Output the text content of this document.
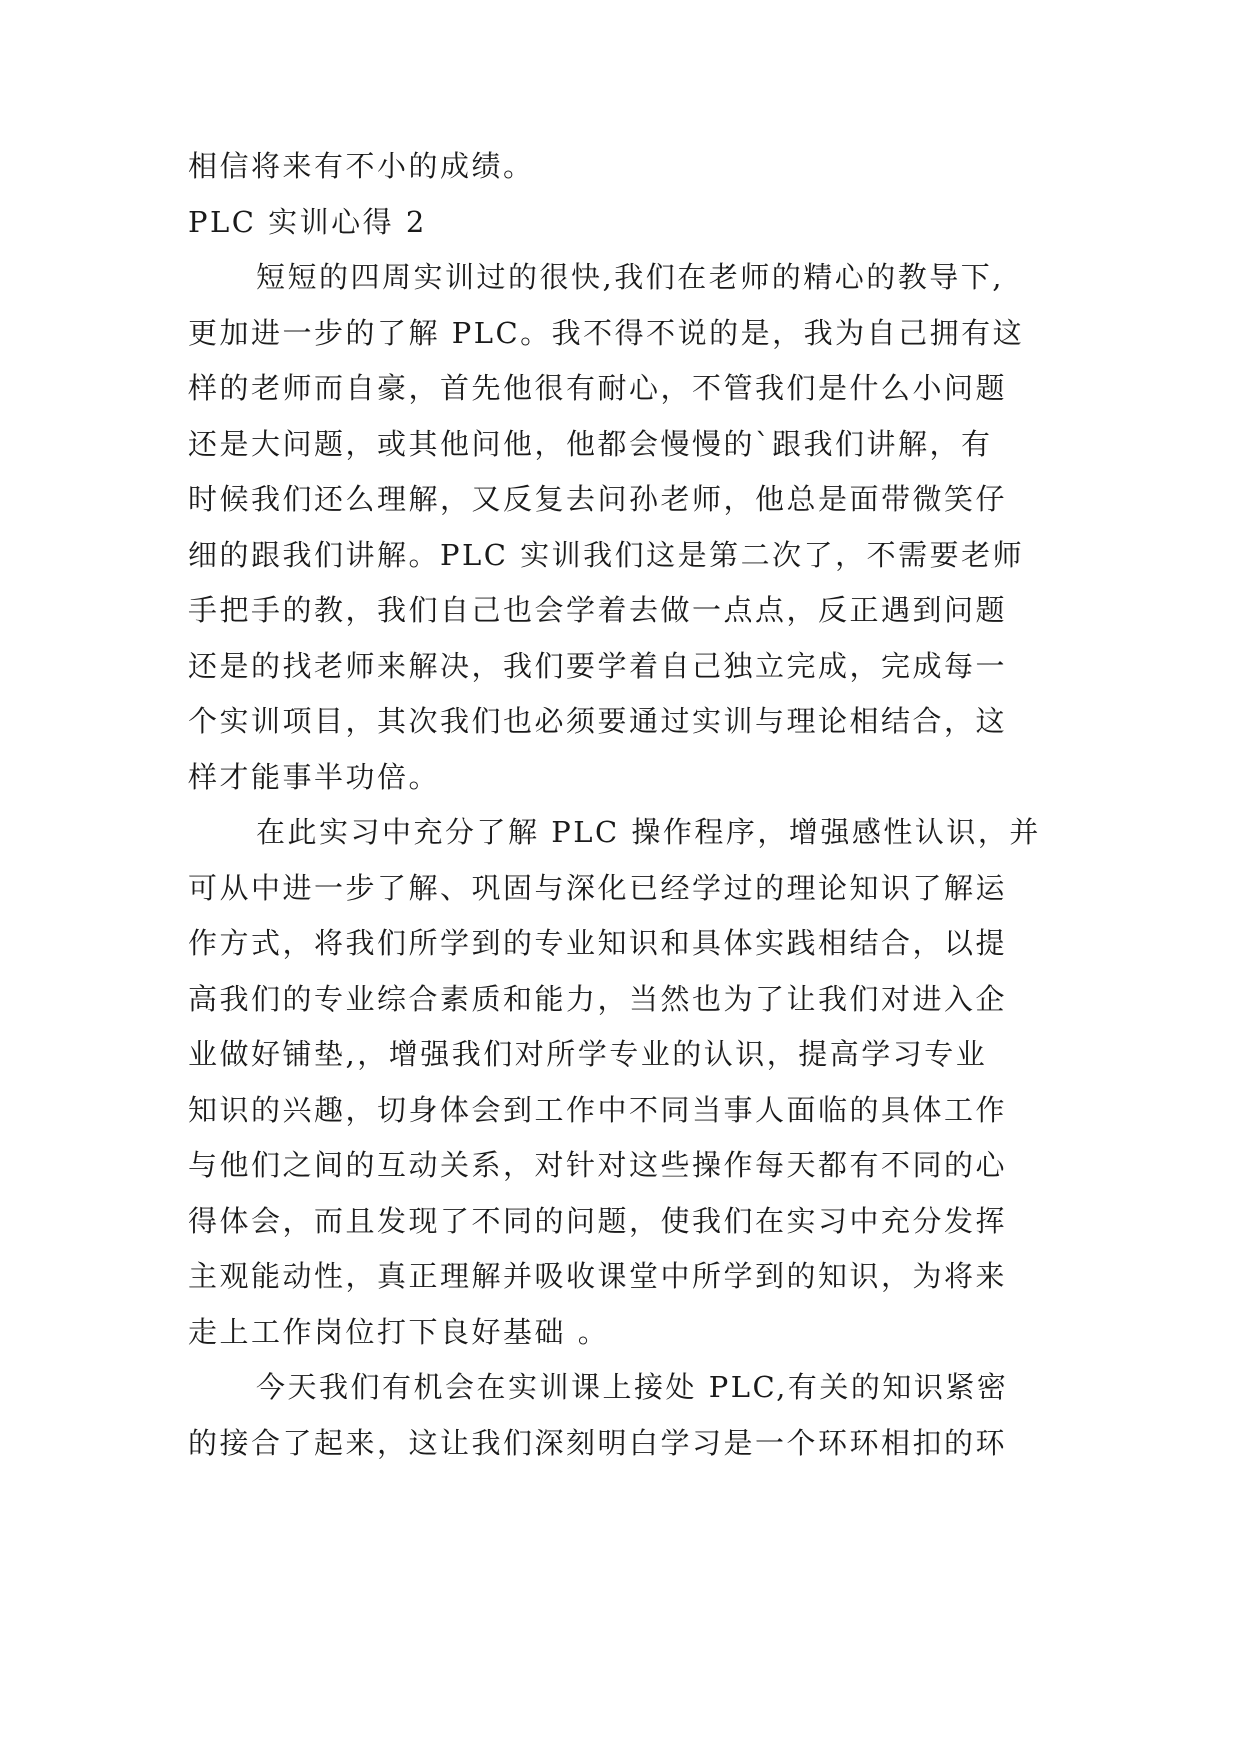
相信将来有不小的成绩。
PLC 实训心得 2
短短的四周实训过的很快,我们在老师的精心的教导下,
更加进一步的了解 PLC。我不得不说的是，我为自己拥有这
样的老师而自豪，首先他很有耐心，不管我们是什么小问题
还是大问题，或其他问他，他都会慢慢的`跟我们讲解，有
时候我们还么理解，又反复去问孙老师，他总是面带微笑仔
细的跟我们讲解。PLC 实训我们这是第二次了，不需要老师
手把手的教，我们自己也会学着去做一点点，反正遇到问题
还是的找老师来解决，我们要学着自己独立完成，完成每一
个实训项目，其次我们也必须要通过实训与理论相结合，这
样才能事半功倍。
在此实习中充分了解 PLC 操作程序，增强感性认识，并
可从中进一步了解、巩固与深化已经学过的理论知识了解运
作方式，将我们所学到的专业知识和具体实践相结合，以提
高我们的专业综合素质和能力，当然也为了让我们对进入企
业做好铺垫,，增强我们对所学专业的认识，提高学习专业
知识的兴趣，切身体会到工作中不同当事人面临的具体工作
与他们之间的互动关系，对针对这些操作每天都有不同的心
得体会，而且发现了不同的问题，使我们在实习中充分发挥
主观能动性，真正理解并吸收课堂中所学到的知识，为将来
走上工作岗位打下良好基础 。
今天我们有机会在实训课上接处 PLC,有关的知识紧密
的接合了起来，这让我们深刻明白学习是一个环环相扣的环
